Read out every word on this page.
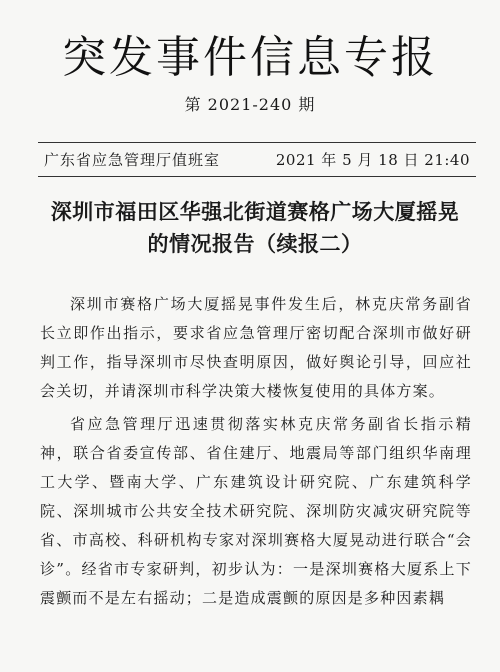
突发事件信息专报
第 2021-240 期
广东省应急管理厅值班室	2021 年 5 月 18 日 21:40
深圳市福田区华强北街道赛格广场大厦摇晃
的情况报告（续报二）

深圳市赛格广场大厦摇晃事件发生后，林克庆常务副省长立即作出指示，要求省应急管理厅密切配合深圳市做好研判工作，指导深圳市尽快查明原因，做好舆论引导，回应社会关切，并请深圳市科学决策大楼恢复使用的具体方案。

省应急管理厅迅速贯彻落实林克庆常务副省长指示精神，联合省委宣传部、省住建厅、地震局等部门组织华南理工大学、暨南大学、广东建筑设计研究院、广东建筑科学院、深圳城市公共安全技术研究院、深圳防灾减灾研究院等省、市高校、科研机构专家对深圳赛格大厦晃动进行联合“会诊”。经省市专家研判，初步认为：一是深圳赛格大厦系上下震颤而不是左右摇动；二是造成震颤的原因是多种因素耦
